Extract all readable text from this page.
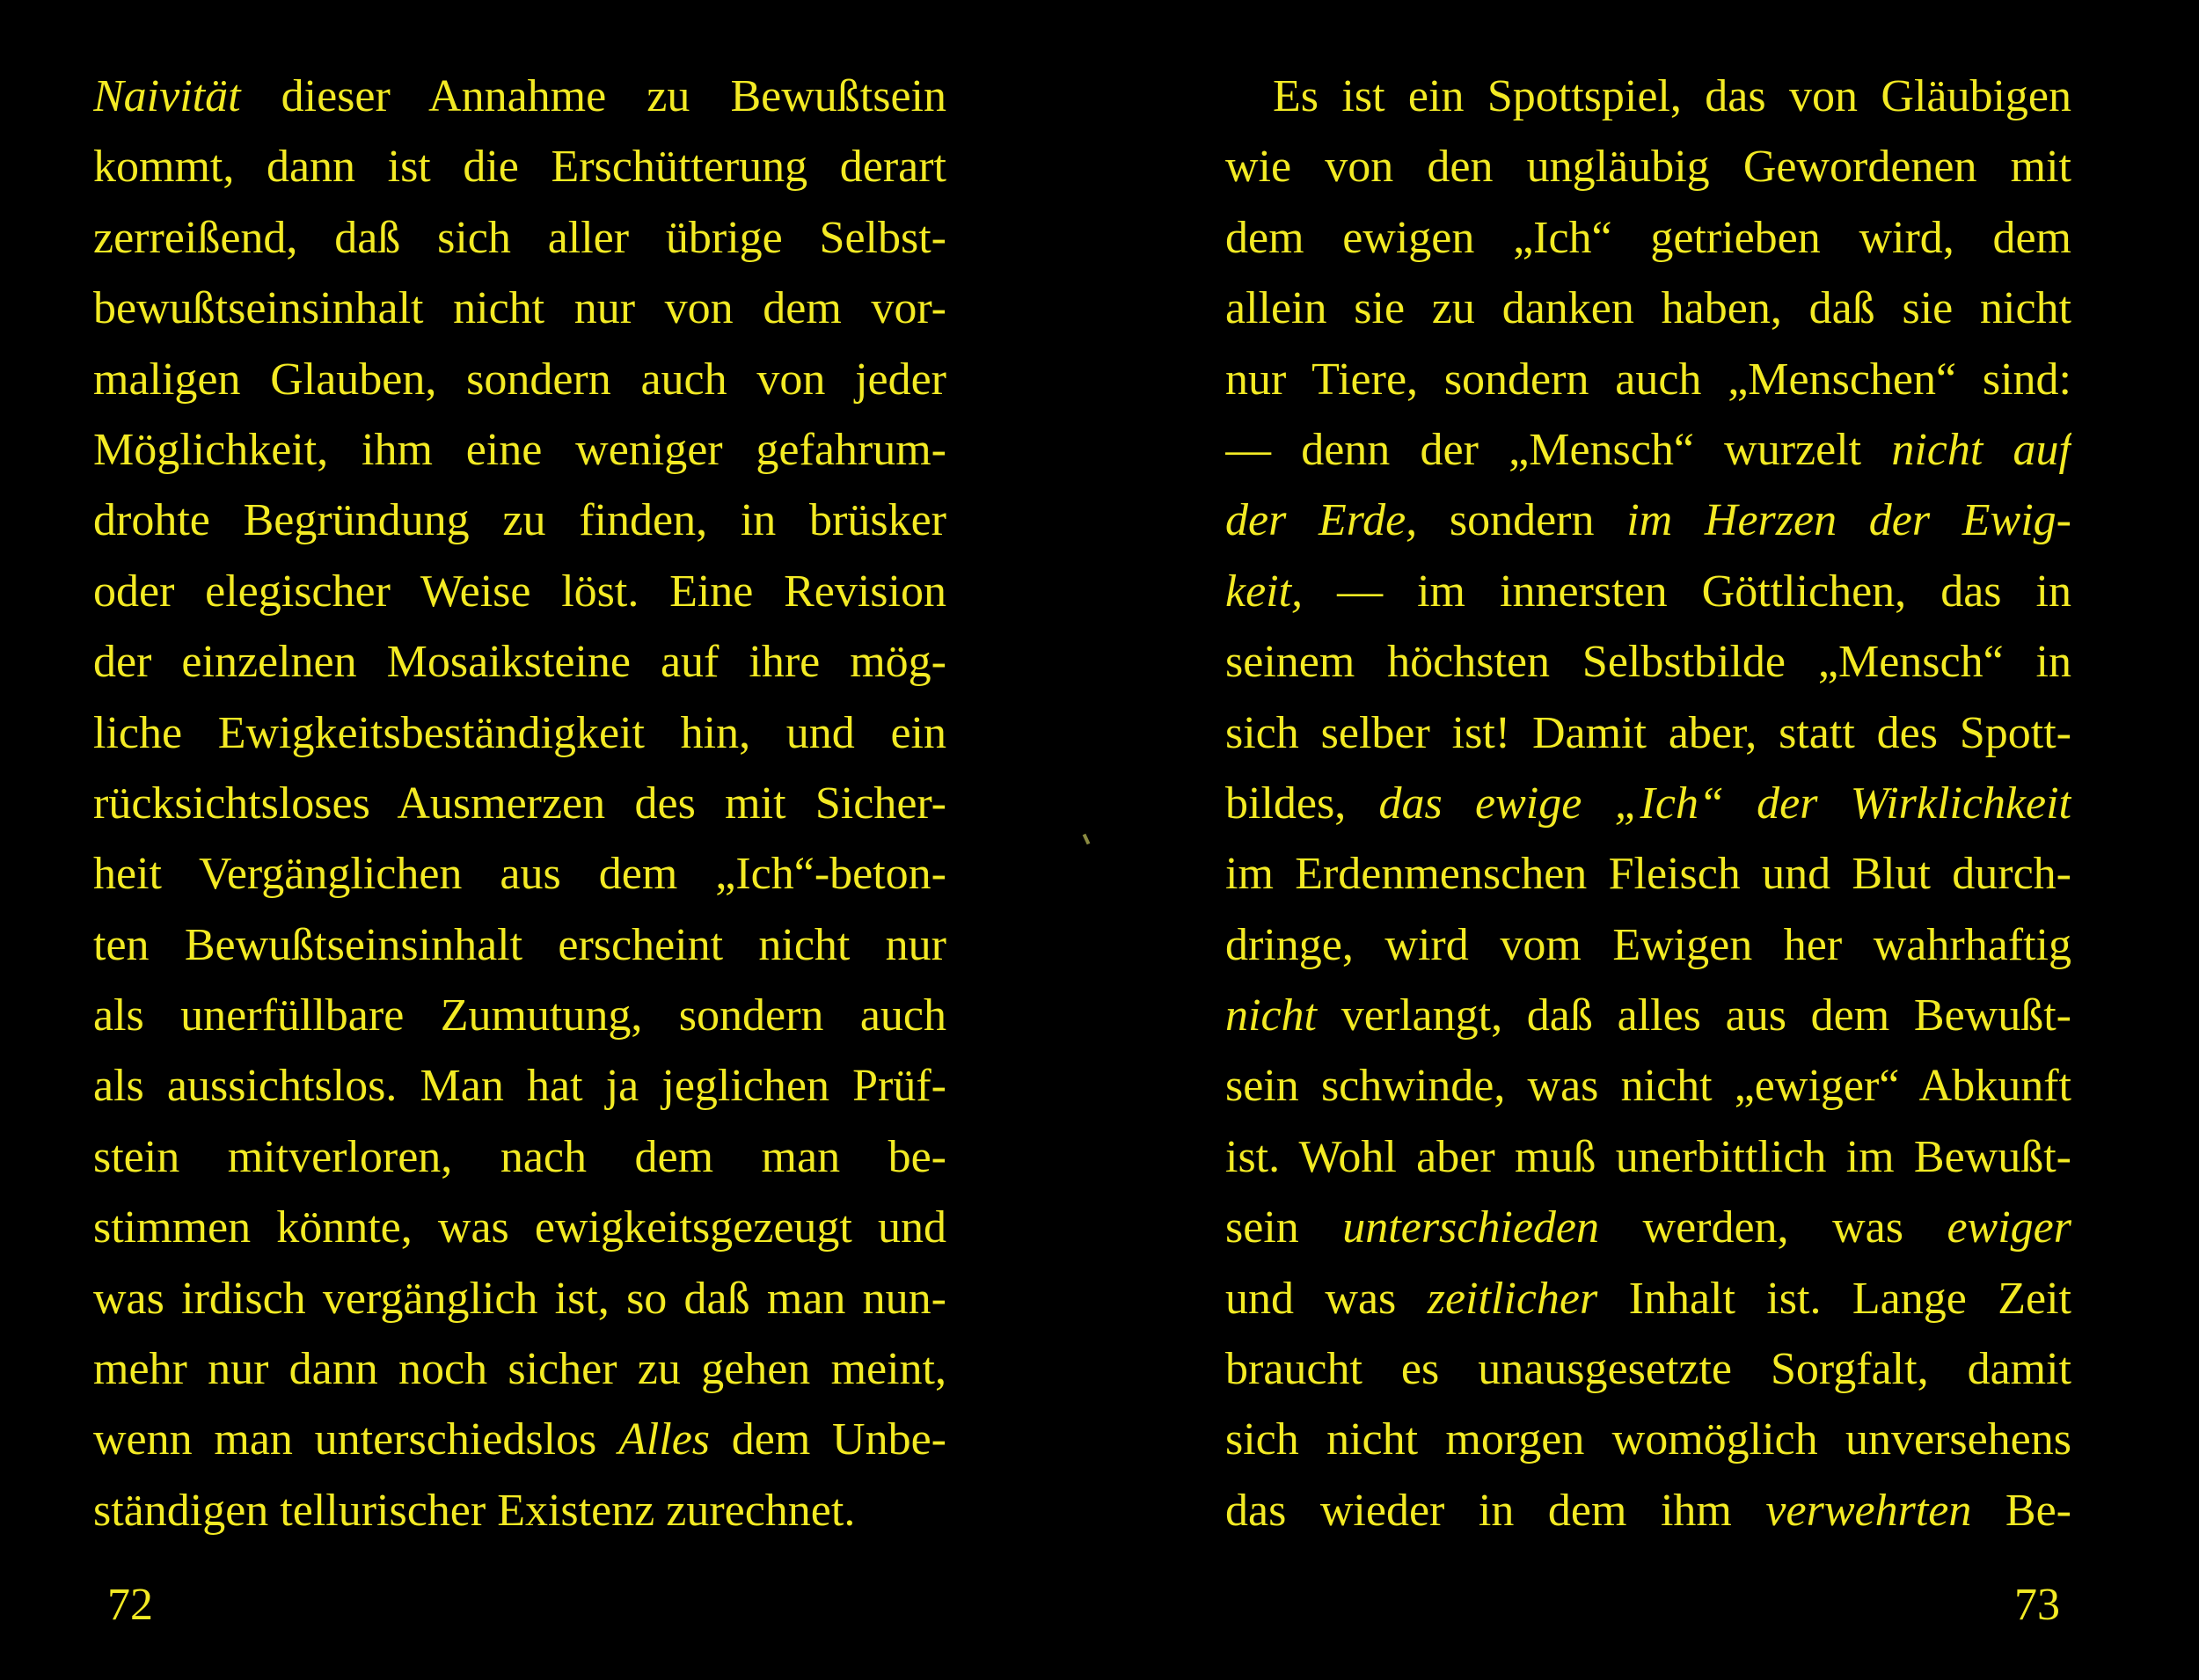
Naivität dieser Annahme zu Bewußtsein
kommt, dann ist die Erschütterung derart
zerreißend, daß sich aller übrige Selbst-
bewußtseinsinhalt nicht nur von dem vor-
maligen Glauben, sondern auch von jeder
Möglichkeit, ihm eine weniger gefahrum-
drohte Begründung zu finden, in brüsker
oder elegischer Weise löst. Eine Revision
der einzelnen Mosaiksteine auf ihre mög-
liche Ewigkeitsbeständigkeit hin, und ein
rücksichtsloses Ausmerzen des mit Sicher-
heit Vergänglichen aus dem „Ich“-beton-
ten Bewußtseinsinhalt erscheint nicht nur
als unerfüllbare Zumutung, sondern auch
als aussichtslos. Man hat ja jeglichen Prüf-
stein mitverloren, nach dem man be-
stimmen könnte, was ewigkeitsgezeugt und
was irdisch vergänglich ist, so daß man nun-
mehr nur dann noch sicher zu gehen meint,
wenn man unterschiedslos Alles dem Unbe-
ständigen tellurischer Existenz zurechnet.
Es ist ein Spottspiel, das von Gläubigen
wie von den ungläubig Gewordenen mit
dem ewigen „Ich“ getrieben wird, dem
allein sie zu danken haben, daß sie nicht
nur Tiere, sondern auch „Menschen“ sind:
— denn der „Mensch“ wurzelt nicht auf
der Erde, sondern im Herzen der Ewig-
keit, — im innersten Göttlichen, das in
seinem höchsten Selbstbilde „Mensch“ in
sich selber ist! Damit aber, statt des Spott-
bildes, das ewige „Ich“ der Wirklichkeit
im Erdenmenschen Fleisch und Blut durch-
dringe, wird vom Ewigen her wahrhaftig
nicht verlangt, daß alles aus dem Bewußt-
sein schwinde, was nicht „ewiger“ Abkunft
ist. Wohl aber muß unerbittlich im Bewußt-
sein unterschieden werden, was ewiger
und was zeitlicher Inhalt ist. Lange Zeit
braucht es unausgesetzte Sorgfalt, damit
sich nicht morgen womöglich unversehens
das wieder in dem ihm verwehrten Be-
72	73
